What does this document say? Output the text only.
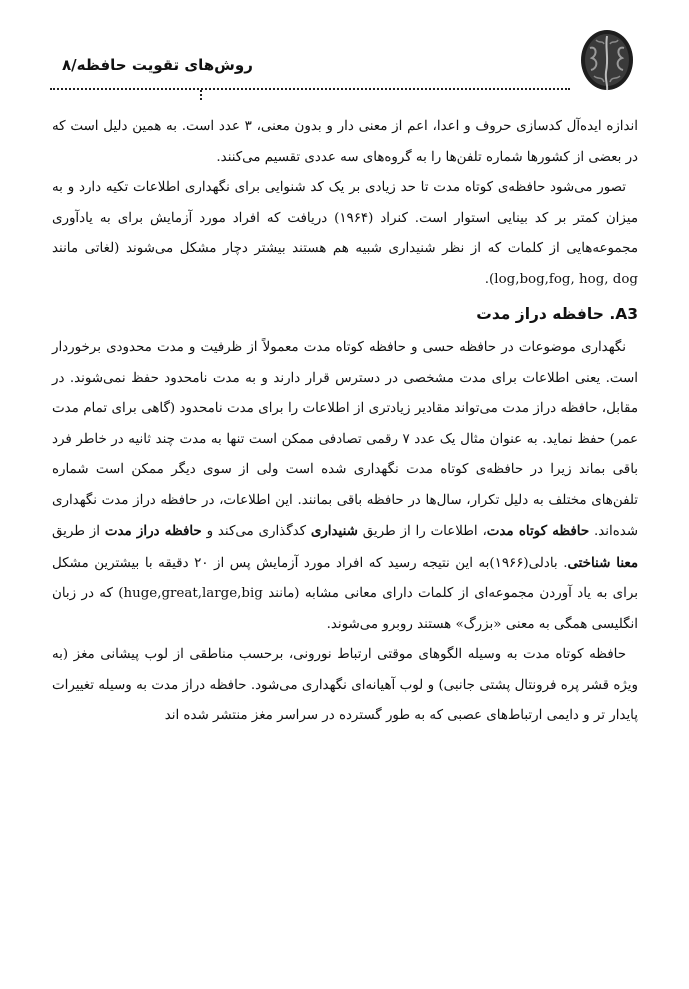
روش‌های تقویت حافظه/۸

اندازه ایده‌آل کدسازی حروف و اعدا، اعم از معنی دار و بدون معنی، ۳ عدد است. به همین دلیل است که در بعضی از کشورها شماره تلفن‌ها را به گروه‌های سه عددی تقسیم می‌کنند.

تصور می‌شود حافظه‌ی کوتاه مدت تا حد زیادی بر یک کد شنوایی برای نگهداری اطلاعات تکیه دارد و به میزان کمتر بر کد بینایی استوار است. کنراد (۱۹۶۴) دریافت که افراد مورد آزمایش برای به یادآوری مجموعه‌هایی از کلمات که از نظر شنیداری شبیه هم هستند بیشتر دچار مشکل می‌شوند (لغاتی مانند log,bog,fog, hog, dog).

A3. حافظه دراز مدت

نگهداری موضوعات در حافظه حسی و حافظه کوتاه مدت معمولاً از ظرفیت و مدت محدودی برخوردار است. یعنی اطلاعات برای مدت مشخصی در دسترس قرار دارند و به مدت نامحدود حفظ نمی‌شوند. در مقابل، حافظه دراز مدت می‌تواند مقادیر زیادتری از اطلاعات را برای مدت نامحدود (گاهی برای تمام مدت عمر) حفظ نماید. به عنوان مثال یک عدد ۷ رقمی تصادفی ممکن است تنها به مدت چند ثانیه در خاطر فرد باقی بماند زیرا در حافظه‌ی کوتاه مدت نگهداری شده است ولی از سوی دیگر ممکن است شماره تلفن‌های مختلف به دلیل تکرار، سال‌ها در حافظه باقی بمانند. این اطلاعات، در حافظه دراز مدت نگهداری شده‌اند. حافظه کوتاه مدت، اطلاعات را از طریق شنیداری کدگذاری می‌کند و حافظه دراز مدت از طریق معنا شناختی. بادلی(۱۹۶۶)به این نتیجه رسید که افراد مورد آزمایش پس از ۲۰ دقیقه با بیشترین مشکل برای به یاد آوردن مجموعه‌ای از کلمات دارای معانی مشابه (مانند huge,great,large,big) که در زبان انگلیسی همگی به معنی «بزرگ» هستند روبرو می‌شوند.

حافظه کوتاه مدت به وسیله الگوهای موقتی ارتباط نورونی، برحسب مناطقی از لوب پیشانی مغز (به ویژه قشر پره فرونتال پشتی جانبی) و لوب آهیانه‌ای نگهداری می‌شود. حافظه دراز مدت به وسیله تغییرات پایدار تر و دایمی ارتباط‌های عصبی که به طور گسترده در سراسر مغز منتشر شده اند
